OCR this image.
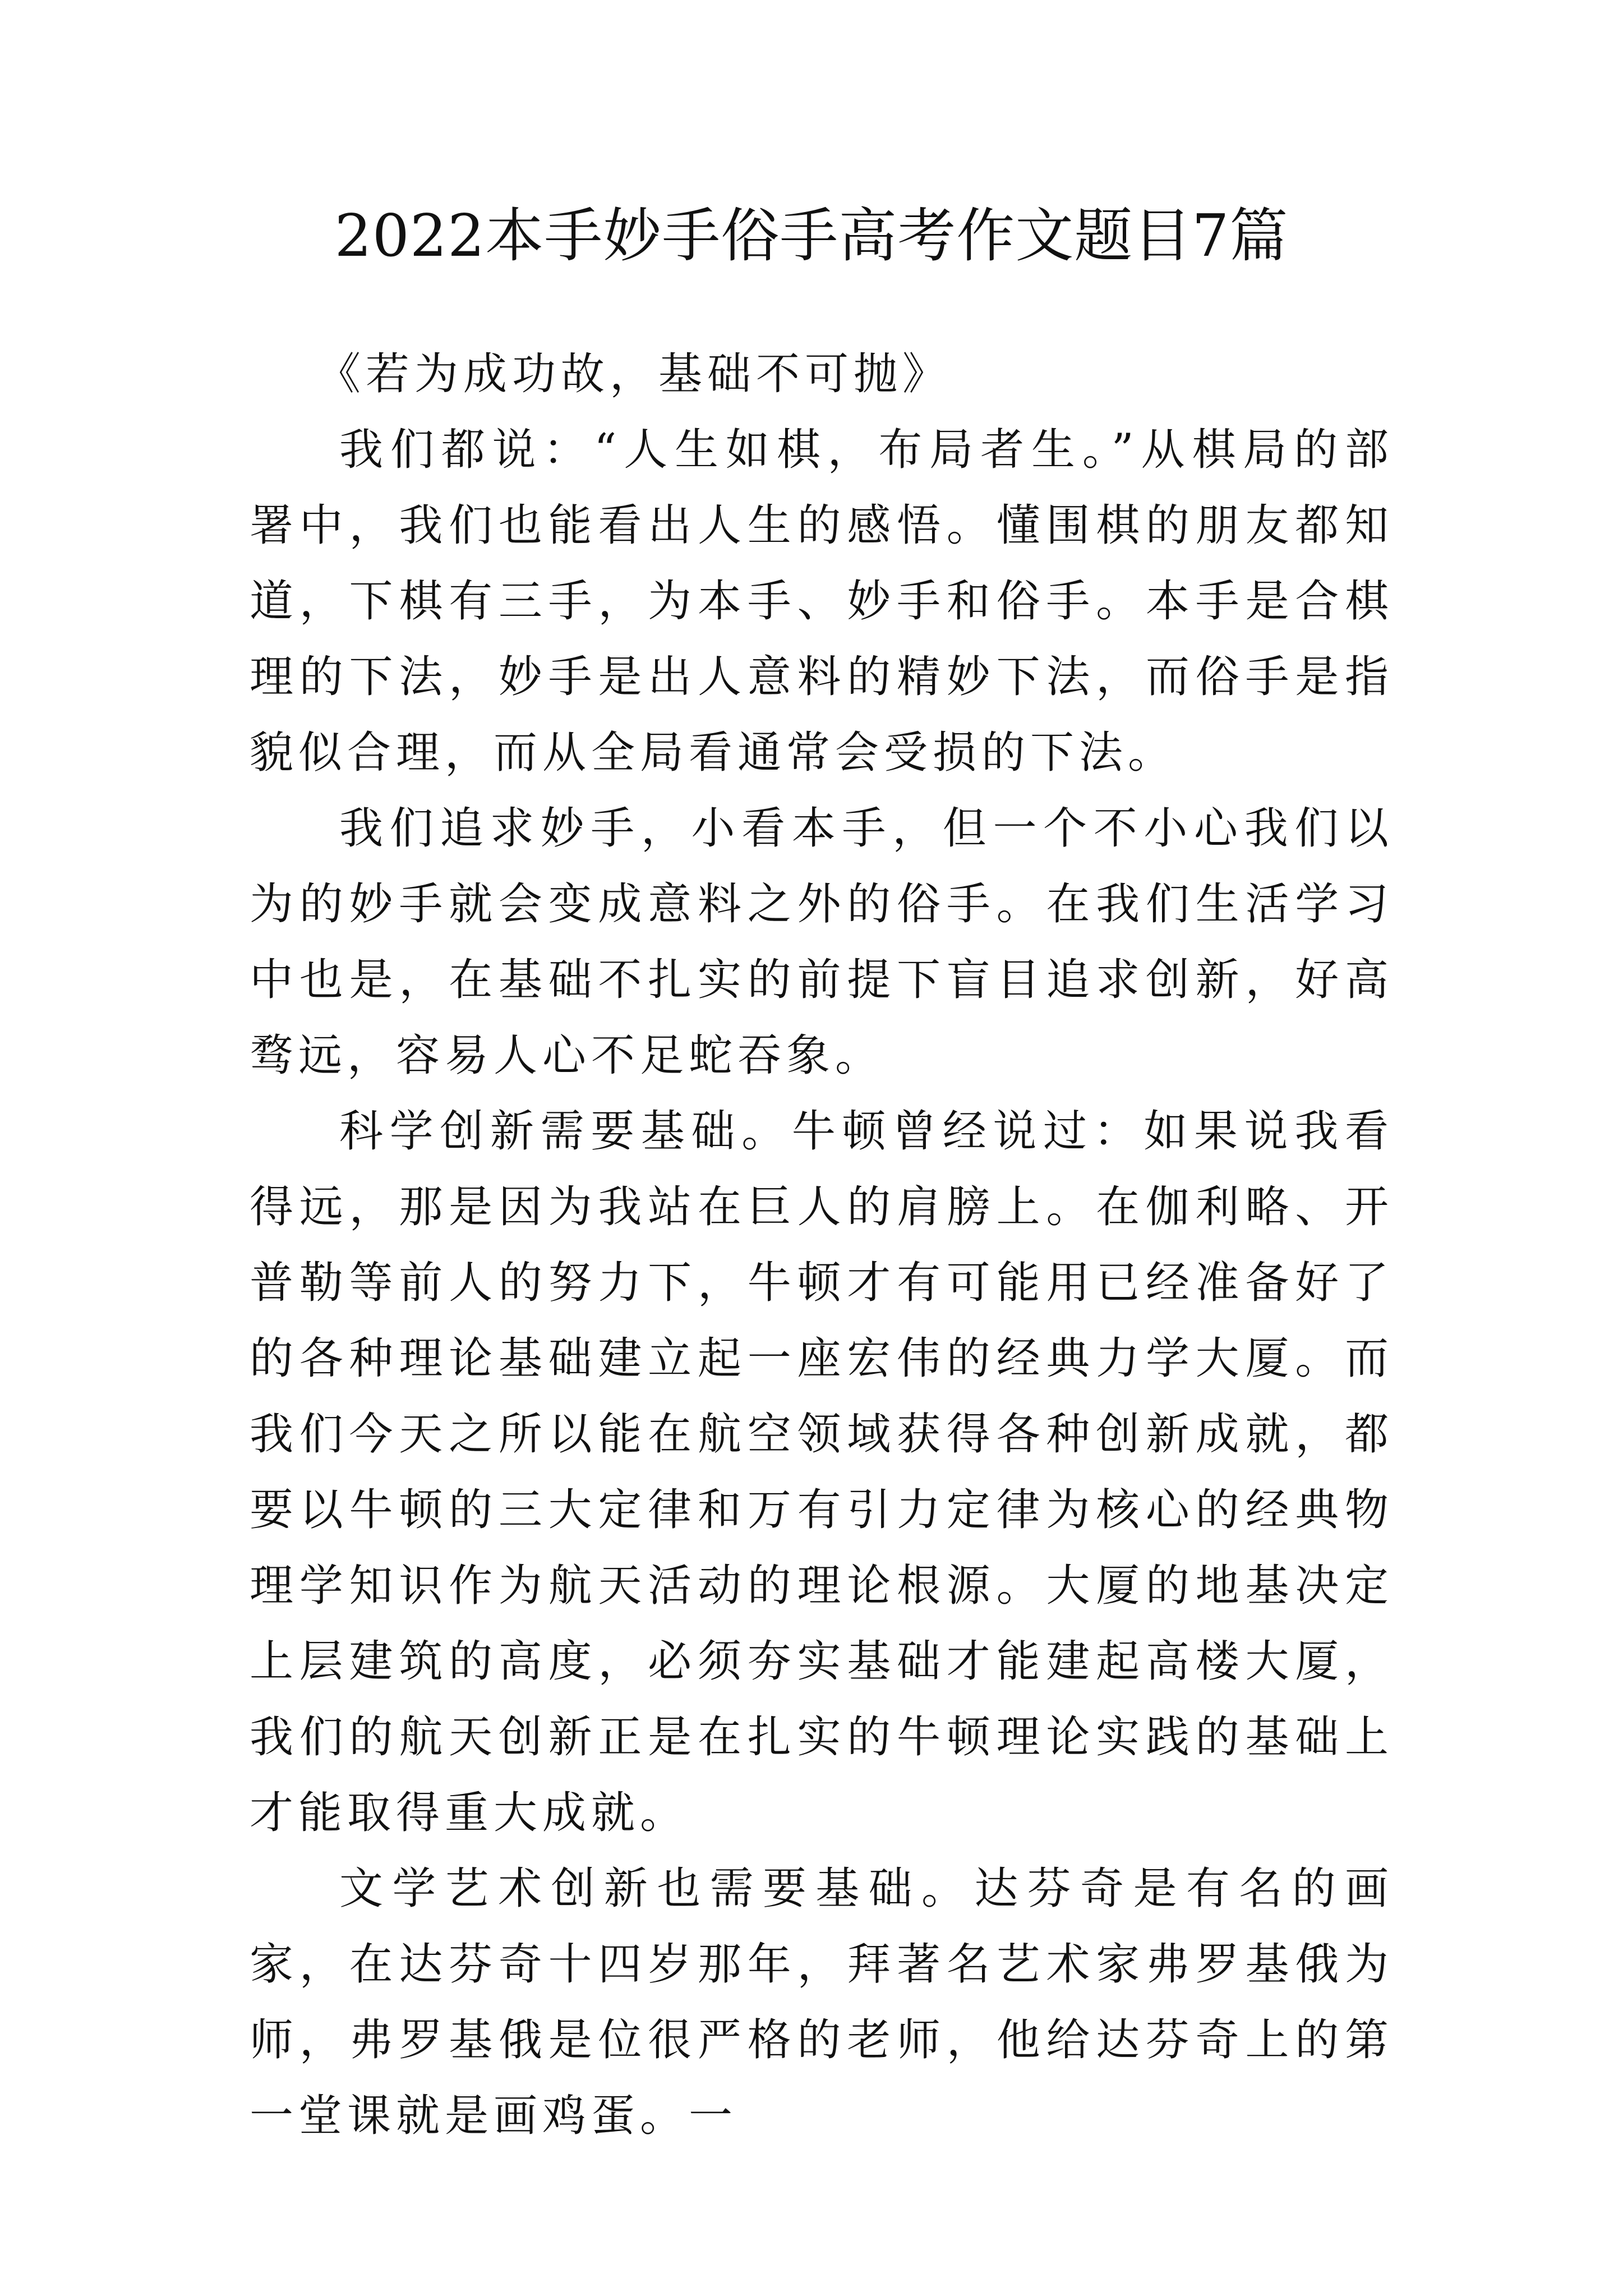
2022本手妙手俗手高考作文题目7篇
《若为成功故，基础不可抛》

我们都说：“人生如棋，布局者生。”从棋局的部署中，我们也能看出人生的感悟。懂围棋的朋友都知道，下棋有三手，为本手、妙手和俗手。本手是合棋理的下法，妙手是出人意料的精妙下法，而俗手是指貌似合理，而从全局看通常会受损的下法。

我们追求妙手，小看本手，但一个不小心我们以为的妙手就会变成意料之外的俗手。在我们生活学习中也是，在基础不扎实的前提下盲目追求创新，好高骛远，容易人心不足蛇吞象。

科学创新需要基础。牛顿曾经说过：如果说我看得远，那是因为我站在巨人的肩膀上。在伽利略、开普勒等前人的努力下，牛顿才有可能用已经准备好了的各种理论基础建立起一座宏伟的经典力学大厦。而我们今天之所以能在航空领域获得各种创新成就，都要以牛顿的三大定律和万有引力定律为核心的经典物理学知识作为航天活动的理论根源。大厦的地基决定上层建筑的高度，必须夯实基础才能建起高楼大厦，我们的航天创新正是在扎实的牛顿理论实践的基础上才能取得重大成就。

文学艺术创新也需要基础。达芬奇是有名的画家，在达芬奇十四岁那年，拜著名艺术家弗罗基俄为师，弗罗基俄是位很严格的老师，他给达芬奇上的第一堂课就是画鸡蛋。一
